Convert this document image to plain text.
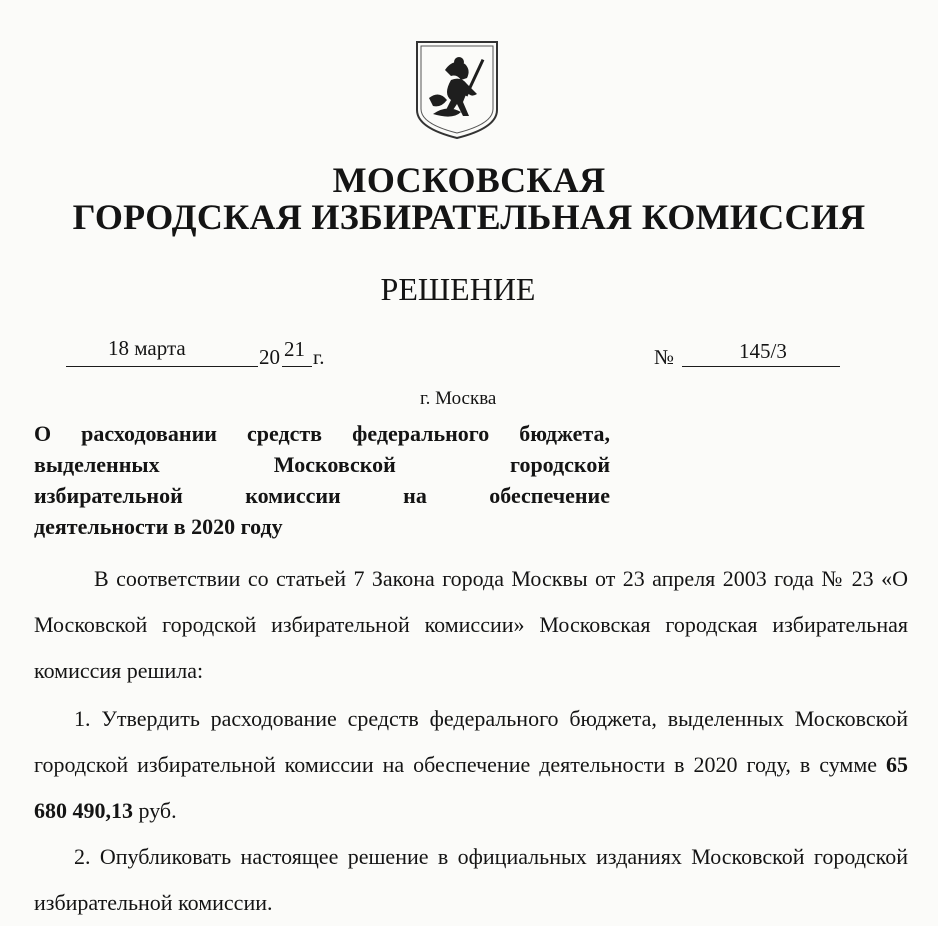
МОСКОВСКАЯ
ГОРОДСКАЯ ИЗБИРАТЕЛЬНАЯ КОМИССИЯ
РЕШЕНИЕ
18 марта	20 21 г.	№	145/3
г. Москва
О расходовании средств федерального бюджета,
выделенных Московской городской
избирательной комиссии на обеспечение
деятельности в 2020 году
В соответствии со статьей 7 Закона города Москвы от 23 апреля 2003 года № 23 «О Московской городской избирательной комиссии» Московская городская избирательная комиссия решила:
1. Утвердить расходование средств федерального бюджета, выделенных Московской городской избирательной комиссии на обеспечение деятельности в 2020 году, в сумме 65 680 490,13 руб.
2. Опубликовать настоящее решение в официальных изданиях Московской городской избирательной комиссии.
